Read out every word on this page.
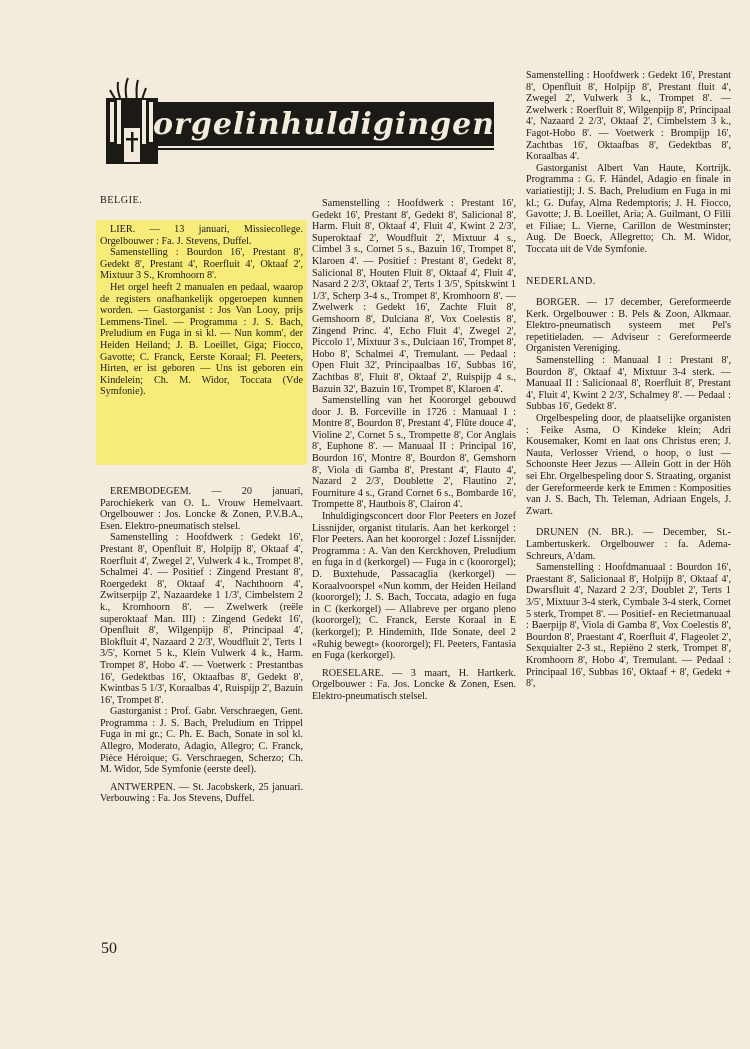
orgelinhuldigingen

BELGIE.

LIER. — 13 januari, Missiecollege. Orgelbouwer : Fa. J. Stevens, Duffel.

Samenstelling : Bourdon 16', Prestant 8', Gedekt 8', Prestant 4', Roerfluit 4', Oktaaf 2', Mixtuur 3 S., Kromhoorn 8'.

Het orgel heeft 2 manualen en pedaal, waarop de registers onafhankelijk opgeroepen kunnen worden. — Gastorganist : Jos Van Looy, prijs Lemmens-Tinel. — Programma : J. S. Bach, Preludium en Fuga in si kl. — Nun komm', der Heiden Heiland; J. B. Loeillet, Giga; Fiocco, Gavotte; C. Franck, Eerste Koraal; Fl. Peeters, Hirten, er ist geboren — Uns ist geboren ein Kindelein; Ch. M. Widor, Toccata (Vde Symfonie).

EREMBODEGEM. — 20 januari, Parochiekerk van O. L. Vrouw Hemelvaart. Orgelbouwer : Jos. Loncke & Zonen, P.V.B.A., Esen. Elektro-pneumatisch stelsel.

Samenstelling : Hoofdwerk : Gedekt 16', Prestant 8', Openfluit 8', Holpijp 8', Oktaaf 4', Roerfluit 4', Zwegel 2', Vulwerk 4 k., Trompet 8', Schalmei 4'. — Positief : Zingend Prestant 8', Roergedekt 8', Oktaaf 4', Nachthoorn 4', Zwitserpijp 2', Nazaardeke 1 1/3', Cimbelstem 2 k., Kromhoorn 8'. — Zwelwerk (reële superoktaaf Man. III) : Zingend Gedekt 16', Openfluit 8', Wilgenpijp 8', Principaal 4', Blokfluit 4', Nazaard 2 2/3', Woudfluit 2', Terts 1 3/5', Kornet 5 k., Klein Vulwerk 4 k., Harm. Trompet 8', Hobo 4'. — Voetwerk : Prestantbas 16', Gedektbas 16', Oktaafbas 8', Gedekt 8', Kwintbas 5 1/3', Koraalbas 4', Ruispijp 2', Bazuin 16', Trompet 8'.

Gastorganist : Prof. Gabr. Verschraegen, Gent. Programma : J. S. Bach, Preludium en Trippel Fuga in mi gr.; C. Ph. E. Bach, Sonate in sol kl. Allegro, Moderato, Adagio, Allegro; C. Franck, Pièce Héroique; G. Verschraegen, Scherzo; Ch. M. Widor, 5de Symfonie (eerste deel).

ANTWERPEN. — St. Jacobskerk, 25 januari. Verbouwing : Fa. Jos Stevens, Duffel.

Samenstelling : Hoofdwerk : Prestant 16', Gedekt 16', Prestant 8', Gedekt 8', Salicional 8', Harm. Fluit 8', Oktaaf 4', Fluit 4', Kwint 2 2/3', Superoktaaf 2', Woudfluit 2', Mixtuur 4 s., Cimbel 3 s., Cornet 5 s., Bazuin 16', Trompet 8', Klaroen 4'. — Positief : Prestant 8', Gedekt 8', Salicional 8', Houten Fluit 8', Oktaaf 4', Fluit 4', Nasard 2 2/3', Oktaaf 2', Terts 1 3/5', Spitskwint 1 1/3', Scherp 3-4 s., Trompet 8', Kromhoorn 8'. — Zwelwerk : Gedekt 16', Zachte Fluit 8', Gemshoorn 8', Dulciana 8', Vox Coelestis 8', Zingend Princ. 4', Echo Fluit 4', Zwegel 2', Piccolo 1', Mixtuur 3 s., Dulciaan 16', Trompet 8', Hobo 8', Schalmei 4', Tremulant. — Pedaal : Open Fluit 32', Principaalbas 16', Subbas 16', Zachtbas 8', Fluit 8', Oktaaf 2', Ruispijp 4 s., Bazuin 32', Bazuin 16', Trompet 8', Klaroen 4'.

Samenstelling van het Koororgel gebouwd door J. B. Forceville in 1726 : Manuaal I : Montre 8', Bourdon 8', Prestant 4', Flûte douce 4', Violine 2', Cornet 5 s., Trompette 8', Cor Anglais 8', Euphone 8'. — Manuaal II : Principal 16', Bourdon 16', Montre 8', Bourdon 8', Gemshorn 8', Viola di Gamba 8', Prestant 4', Flauto 4', Nazard 2 2/3', Doublette 2', Flautino 2', Fourniture 4 s., Grand Cornet 6 s., Bombarde 16', Trompette 8', Hautbois 8', Clairon 4'.

Inhuldigingsconcert door Flor Peeters en Jozef Lissnijder, organist titularis. Aan het kerkorgel : Flor Peeters. Aan het koororgel : Jozef Lissnijder. Programma : A. Van den Kerckhoven, Preludium en fuga in d (kerkorgel) — Fuga in c (koororgel); D. Buxtehude, Passacaglia (kerkorgel) — Koraalvoorspel «Nun komm, der Heiden Heiland (koororgel); J. S. Bach, Toccata, adagio en fuga in C (kerkorgel) — Allabreve per organo pleno (koororgel); C. Franck, Eerste Koraal in E (kerkorgel); P. Hindemith, IIde Sonate, deel 2 «Ruhig bewegt» (koororgel); Fl. Peeters, Fantasia en Fuga (kerkorgel).

ROESELARE. — 3 maart, H. Hartkerk. Orgelbouwer : Fa. Jos. Loncke & Zonen, Esen. Elektro-pneumatisch stelsel.

Samenstelling : Hoofdwerk : Gedekt 16', Prestant 8', Openfluit 8', Holpijp 8', Prestant fluit 4', Zwegel 2', Vulwerk 3 k., Trompet 8'. — Zwelwerk : Roerfluit 8', Wilgenpijp 8', Principaal 4', Nazaard 2 2/3', Oktaaf 2', Cimbelstem 3 k., Fagot-Hobo 8'. — Voetwerk : Brompijp 16', Zachtbas 16', Oktaafbas 8', Gedektbas 8', Koraalbas 4'.

Gastorganist Albert Van Haute, Kortrijk. Programma : G. F. Händel, Adagio en finale in variatiestijl; J. S. Bach, Preludium en Fuga in mi kl.; G. Dufay, Alma Redemptoris; J. H. Fiocco, Gavotte; J. B. Loeillet, Aria; A. Guilmant, O Filii et Filiae; L. Vierne, Carillon de Westminster; Aug. De Boeck, Allegretto; Ch. M. Widor, Toccata uit de Vde Symfonie.

NEDERLAND.

BORGER. — 17 december, Gereformeerde Kerk. Orgelbouwer : B. Pels & Zoon, Alkmaar. Elektro-pneumatisch systeem met Pel's repetitieladen. — Adviseur : Gereformeerde Organisten Vereniging.

Samenstelling : Manuaal I : Prestant 8', Bourdon 8', Oktaaf 4', Mixtuur 3-4 sterk. — Manuaal II : Salicionaal 8', Roerfluit 8', Prestant 4', Fluit 4', Kwint 2 2/3', Schalmey 8'. — Pedaal : Subbas 16', Gedekt 8'.

Orgelbespeling door, de plaatselijke organisten : Feike Asma, O Kindeke klein; Adri Kousemaker, Komt en laat ons Christus eren; J. Nauta, Verlosser Vriend, o hoop, o lust — Schoonste Heer Jezus — Allein Gott in der Höh sei Ehr. Orgelbespeling door S. Straating, organist der Gereformeerde kerk te Emmen : Komposities van J. S. Bach, Th. Teleman, Adriaan Engels, J. Zwart.

DRUNEN (N. BR.). — December, St.-Lambertuskerk. Orgelbouwer : fa. Adema-Schreurs, A'dam.

Samenstelling : Hoofdmanuaal : Bourdon 16', Praestant 8', Salicionaal 8', Holpijp 8', Oktaaf 4', Dwarsfluit 4', Nazard 2 2/3', Doublet 2', Terts 1 3/5', Mixtuur 3-4 sterk, Cymbale 3-4 sterk, Cornet 5 sterk, Trompet 8'. — Positief- en Recietmanuaal : Baerpijp 8', Viola di Gamba 8', Vox Coelestis 8', Bourdon 8', Praestant 4', Roerfluit 4', Flageolet 2', Sexquialter 2-3 st., Repiëno 2 sterk, Trompet 8', Kromhoorn 8', Hobo 4', Tremulant. — Pedaal : Principaal 16', Subbas 16', Oktaaf + 8', Gedekt + 8',

50
